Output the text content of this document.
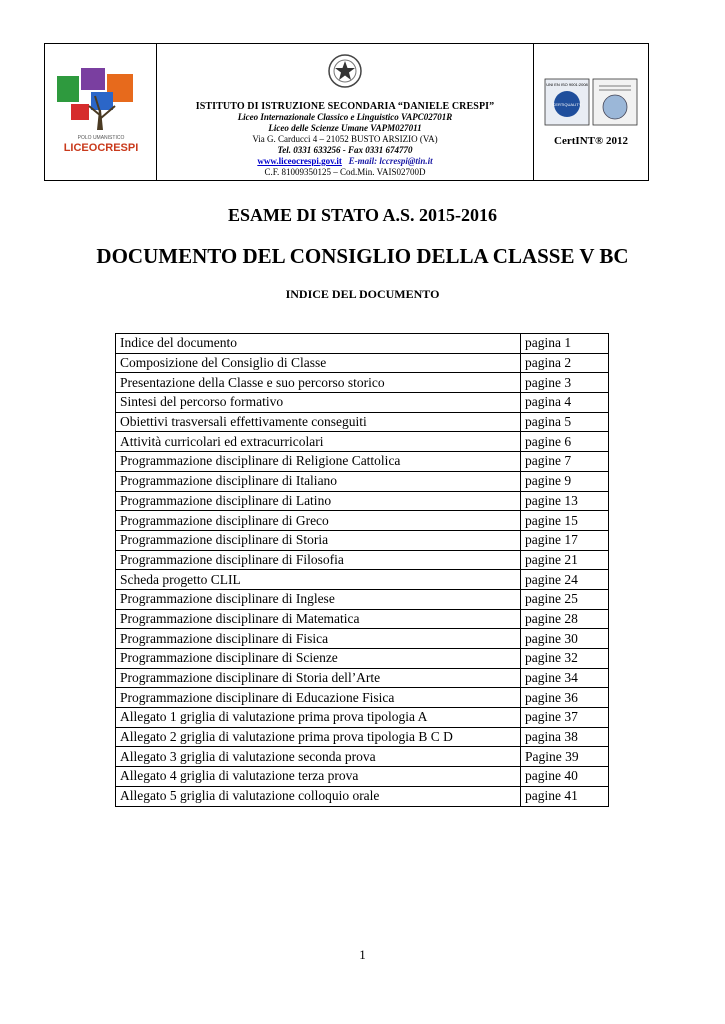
POLO UMANISTICO
LICEOCRESPI
ISTITUTO DI ISTRUZIONE SECONDARIA “DANIELE CRESPI”
Liceo Internazionale Classico e Linguistico VAPC02701R
Liceo delle Scienze Umane VAPM027011
Via G. Carducci 4 – 21052 BUSTO ARSIZIO (VA)
Tel. 0331 633256 - Fax 0331 674770
www.liceocrespi.gov.it E-mail: lccrespi@tin.it
C.F. 81009350125 – Cod.Min. VAIS02700D
UNI EN ISO 9001:2008
CERTIQUALITY
CertINT® 2012
ESAME DI STATO A.S. 2015-2016
DOCUMENTO DEL CONSIGLIO DELLA CLASSE V BC
INDICE DEL DOCUMENTO
Indice del documento	pagina 1
Composizione del Consiglio di Classe	pagina 2
Presentazione della Classe e suo percorso storico	pagine 3
Sintesi del percorso formativo	pagina 4
Obiettivi trasversali effettivamente conseguiti	pagina 5
Attività curricolari ed extracurricolari	pagine 6
Programmazione disciplinare di Religione Cattolica	pagine 7
Programmazione disciplinare di Italiano	pagine 9
Programmazione disciplinare di Latino	pagine 13
Programmazione disciplinare di Greco	pagine 15
Programmazione disciplinare di Storia	pagine 17
Programmazione disciplinare di Filosofia	pagine 21
Scheda progetto CLIL	pagine 24
Programmazione disciplinare di Inglese	pagine 25
Programmazione disciplinare di Matematica	pagine 28
Programmazione disciplinare di Fisica	pagine 30
Programmazione disciplinare di Scienze	pagine 32
Programmazione disciplinare di Storia dell’Arte	pagine 34
Programmazione disciplinare di Educazione Fisica	pagine 36
Allegato 1 griglia di valutazione prima prova tipologia A	pagine 37
Allegato 2 griglia di valutazione prima prova tipologia B C D	pagina 38
Allegato 3 griglia di valutazione seconda prova	Pagine 39
Allegato 4 griglia di valutazione terza prova	pagine 40
Allegato 5 griglia di valutazione colloquio orale	pagine 41
1
